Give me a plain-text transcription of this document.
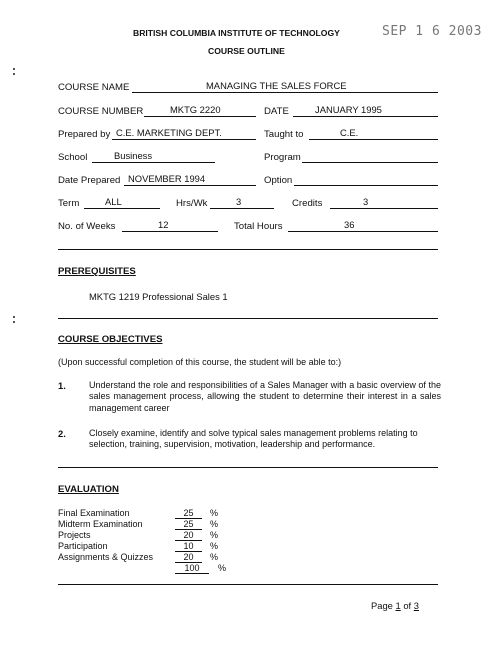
BRITISH COLUMBIA INSTITUTE OF TECHNOLOGY	SEP 1 6 2003
COURSE OUTLINE
COURSE NAME	MANAGING THE SALES FORCE
COURSE NUMBER	MKTG 2220	DATE	JANUARY 1995
Prepared by C.E. MARKETING DEPT.	Taught to	C.E.
School	Business	Program
Date Prepared NOVEMBER 1994	Option
Term	ALL	Hrs/Wk	3	Credits	3
No. of Weeks	12	Total Hours	36
PREREQUISITES
MKTG 1219 Professional Sales 1
COURSE OBJECTIVES
(Upon successful completion of this course, the student will be able to:)
1.	Understand the role and responsibilities of a Sales Manager with a basic overview of the sales management process, allowing the student to determine their interest in a sales management career
2.	Closely examine, identify and solve typical sales management problems relating to selection, training, supervision, motivation, leadership and performance.
EVALUATION
Final Examination	25	%
Midterm Examination	25	%
Projects	20	%
Participation	10	%
Assignments & Quizzes	20	%
100	%
Page 1 of 3
